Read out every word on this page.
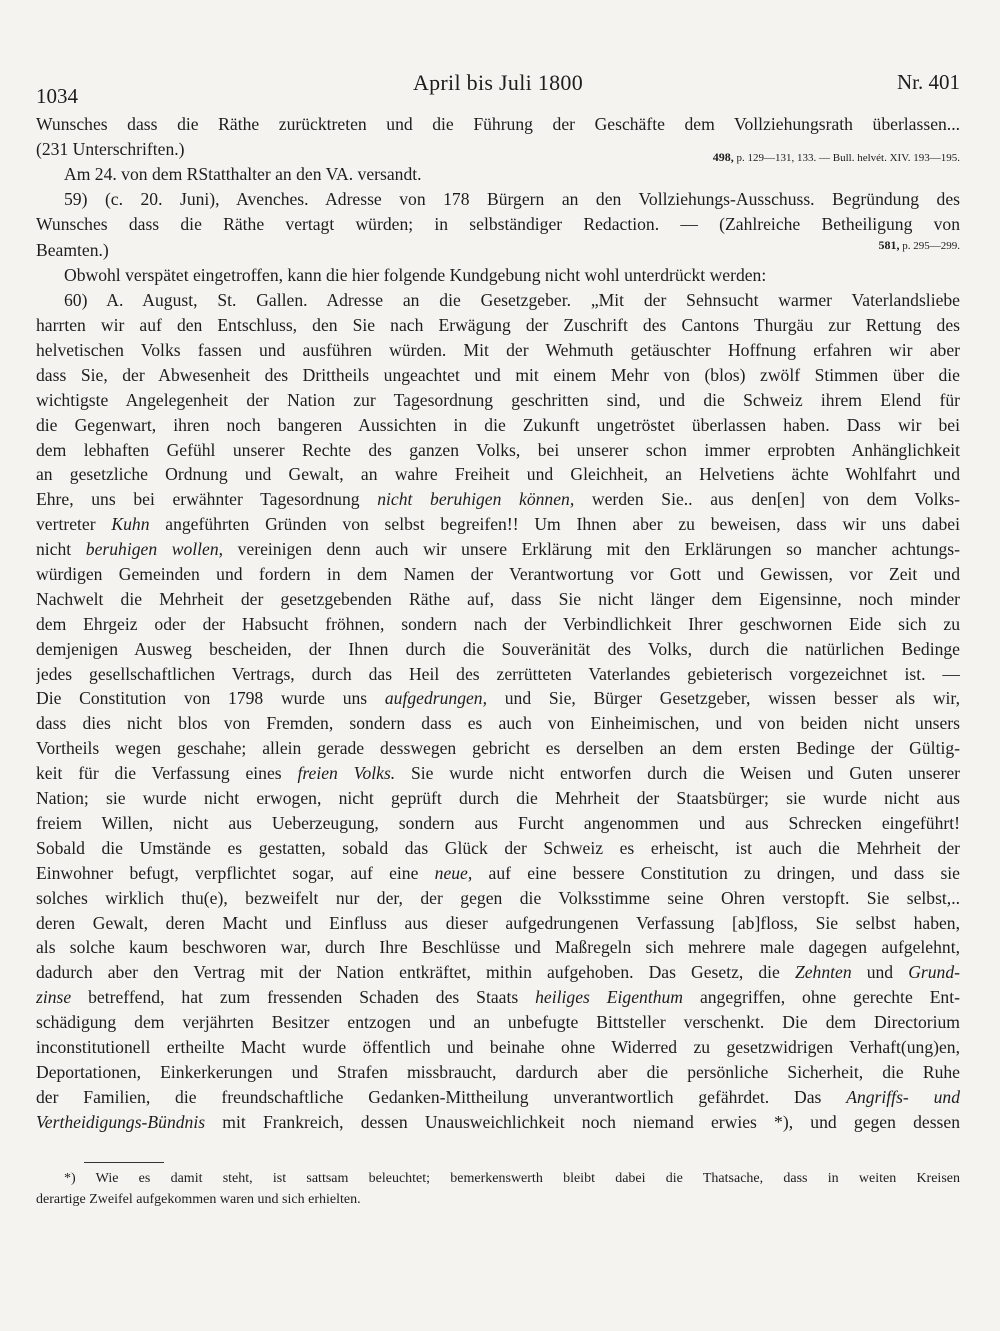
1034
April bis Juli 1800	Nr. 401
Wunsches dass die Räthe zurücktreten und die Führung der Geschäfte dem Vollziehungsrath überlassen...
(231 Unterschriften.)	498, p. 129—131, 133. — Bull. helvét. XIV. 193—195.
Am 24. von dem RStatthalter an den VA. versandt.
59) (c. 20. Juni), Avenches. Adresse von 178 Bürgern an den Vollziehungs-Ausschuss. Begründung des
Wunsches dass die Räthe vertagt würden; in selbständiger Redaction. — (Zahlreiche Betheiligung von
581, p. 295—299.
Beamten.)
Obwohl verspätet eingetroffen, kann die hier folgende Kundgebung nicht wohl unterdrückt werden:
60) A. August, St. Gallen. Adresse an die Gesetzgeber. „Mit der Sehnsucht warmer Vaterlandsliebe
harrten wir auf den Entschluss, den Sie nach Erwägung der Zuschrift des Cantons Thurgäu zur Rettung des
helvetischen Volks fassen und ausführen würden. Mit der Wehmuth getäuschter Hoffnung erfahren wir aber
dass Sie, der Abwesenheit des Drittheils ungeachtet und mit einem Mehr von (blos) zwölf Stimmen über die
wichtigste Angelegenheit der Nation zur Tagesordnung geschritten sind, und die Schweiz ihrem Elend für
die Gegenwart, ihren noch bangeren Aussichten in die Zukunft ungetröstet überlassen haben. Dass wir bei
dem lebhaften Gefühl unserer Rechte des ganzen Volks, bei unserer schon immer erprobten Anhänglichkeit
an gesetzliche Ordnung und Gewalt, an wahre Freiheit und Gleichheit, an Helvetiens ächte Wohlfahrt und
Ehre, uns bei erwähnter Tagesordnung nicht beruhigen können, werden Sie.. aus den[en] von dem Volks-
vertreter Kuhn angeführten Gründen von selbst begreifen!! Um Ihnen aber zu beweisen, dass wir uns dabei
nicht beruhigen wollen, vereinigen denn auch wir unsere Erklärung mit den Erklärungen so mancher achtungs-
würdigen Gemeinden und fordern in dem Namen der Verantwortung vor Gott und Gewissen, vor Zeit und
Nachwelt die Mehrheit der gesetzgebenden Räthe auf, dass Sie nicht länger dem Eigensinne, noch minder
dem Ehrgeiz oder der Habsucht fröhnen, sondern nach der Verbindlichkeit Ihrer geschwornen Eide sich zu
demjenigen Ausweg bescheiden, der Ihnen durch die Souveränität des Volks, durch die natürlichen Bedinge
jedes gesellschaftlichen Vertrags, durch das Heil des zerrütteten Vaterlandes gebieterisch vorgezeichnet ist. —
Die Constitution von 1798 wurde uns aufgedrungen, und Sie, Bürger Gesetzgeber, wissen besser als wir,
dass dies nicht blos von Fremden, sondern dass es auch von Einheimischen, und von beiden nicht unsers
Vortheils wegen geschahe; allein gerade desswegen gebricht es derselben an dem ersten Bedinge der Gültig-
keit für die Verfassung eines freien Volks. Sie wurde nicht entworfen durch die Weisen und Guten unserer
Nation; sie wurde nicht erwogen, nicht geprüft durch die Mehrheit der Staatsbürger; sie wurde nicht aus
freiem Willen, nicht aus Ueberzeugung, sondern aus Furcht angenommen und aus Schrecken eingeführt!
Sobald die Umstände es gestatten, sobald das Glück der Schweiz es erheischt, ist auch die Mehrheit der
Einwohner befugt, verpflichtet sogar, auf eine neue, auf eine bessere Constitution zu dringen, und dass sie
solches wirklich thu(e), bezweifelt nur der, der gegen die Volksstimme seine Ohren verstopft. Sie selbst,..
deren Gewalt, deren Macht und Einfluss aus dieser aufgedrungenen Verfassung [ab]floss, Sie selbst haben,
als solche kaum beschworen war, durch Ihre Beschlüsse und Maßregeln sich mehrere male dagegen aufgelehnt,
dadurch aber den Vertrag mit der Nation entkräftet, mithin aufgehoben. Das Gesetz, die Zehnten und Grund-
zinse betreffend, hat zum fressenden Schaden des Staats heiliges Eigenthum angegriffen, ohne gerechte Ent-
schädigung dem verjährten Besitzer entzogen und an unbefugte Bittsteller verschenkt. Die dem Directorium
inconstitutionell ertheilte Macht wurde öffentlich und beinahe ohne Widerred zu gesetzwidrigen Verhaft(ung)en,
Deportationen, Einkerkerungen und Strafen missbraucht, dardurch aber die persönliche Sicherheit, die Ruhe
der Familien, die freundschaftliche Gedanken-Mittheilung unverantwortlich gefährdet. Das Angriffs- und
Vertheidigungs-Bündnis mit Frankreich, dessen Unausweichlichkeit noch niemand erwies *), und gegen dessen
*) Wie es damit steht, ist sattsam beleuchtet; bemerkenswerth bleibt dabei die Thatsache, dass in weiten Kreisen
derartige Zweifel aufgekommen waren und sich erhielten.
